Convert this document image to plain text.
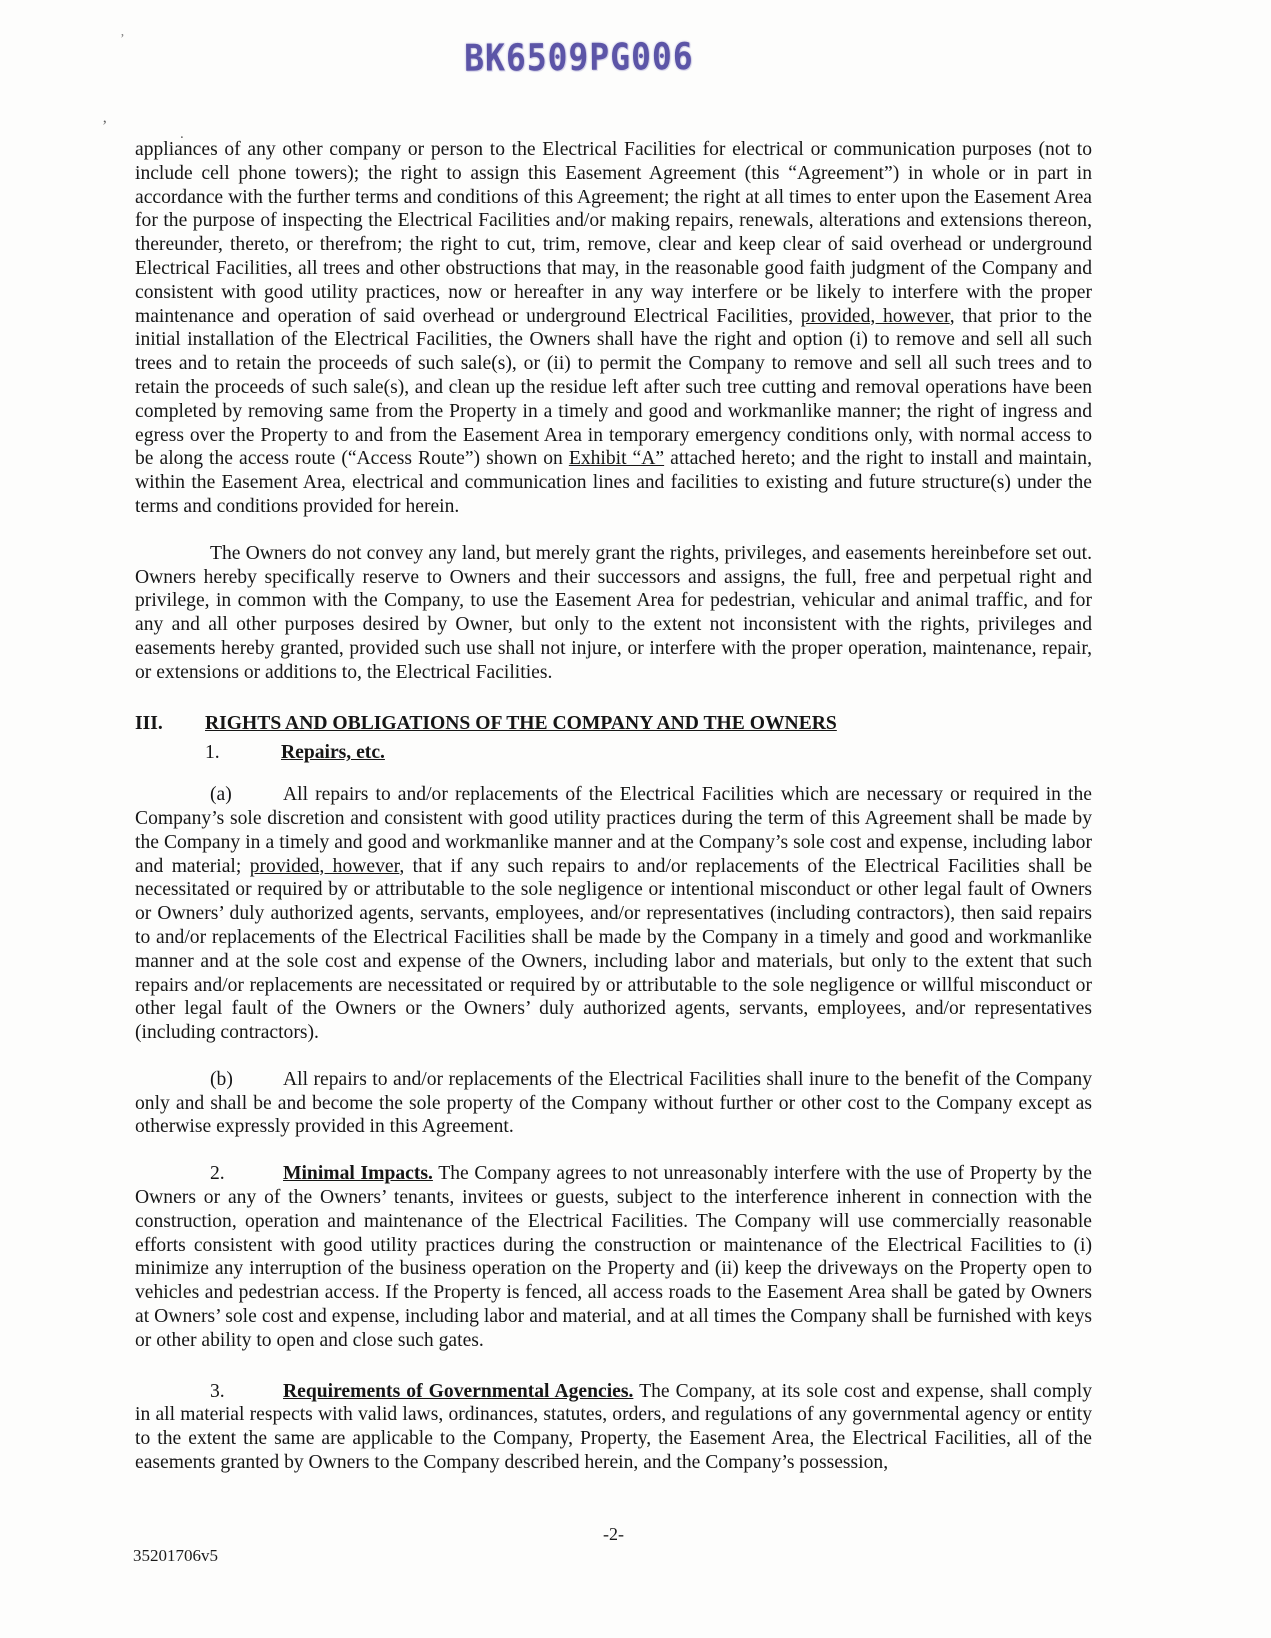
BK6509PG006
’
’	.

appliances of any other company or person to the Electrical Facilities for electrical or communication purposes (not to include cell phone towers); the right to assign this Easement Agreement (this “Agreement”) in whole or in part in accordance with the further terms and conditions of this Agreement; the right at all times to enter upon the Easement Area for the purpose of inspecting the Electrical Facilities and/or making repairs, renewals, alterations and extensions thereon, thereunder, thereto, or therefrom; the right to cut, trim, remove, clear and keep clear of said overhead or underground Electrical Facilities, all trees and other obstructions that may, in the reasonable good faith judgment of the Company and consistent with good utility practices, now or hereafter in any way interfere or be likely to interfere with the proper maintenance and operation of said overhead or underground Electrical Facilities, provided, however, that prior to the initial installation of the Electrical Facilities, the Owners shall have the right and option (i) to remove and sell all such trees and to retain the proceeds of such sale(s), or (ii) to permit the Company to remove and sell all such trees and to retain the proceeds of such sale(s), and clean up the residue left after such tree cutting and removal operations have been completed by removing same from the Property in a timely and good and workmanlike manner; the right of ingress and egress over the Property to and from the Easement Area in temporary emergency conditions only, with normal access to be along the access route (“Access Route”) shown on Exhibit “A” attached hereto; and the right to install and maintain, within the Easement Area, electrical and communication lines and facilities to existing and future structure(s) under the terms and conditions provided for herein.

The Owners do not convey any land, but merely grant the rights, privileges, and easements hereinbefore set out. Owners hereby specifically reserve to Owners and their successors and assigns, the full, free and perpetual right and privilege, in common with the Company, to use the Easement Area for pedestrian, vehicular and animal traffic, and for any and all other purposes desired by Owner, but only to the extent not inconsistent with the rights, privileges and easements hereby granted, provided such use shall not injure, or interfere with the proper operation, maintenance, repair, or extensions or additions to, the Electrical Facilities.

III. RIGHTS AND OBLIGATIONS OF THE COMPANY AND THE OWNERS

1.	Repairs, etc.

(a)	All repairs to and/or replacements of the Electrical Facilities which are necessary or required in the Company’s sole discretion and consistent with good utility practices during the term of this Agreement shall be made by the Company in a timely and good and workmanlike manner and at the Company’s sole cost and expense, including labor and material; provided, however, that if any such repairs to and/or replacements of the Electrical Facilities shall be necessitated or required by or attributable to the sole negligence or intentional misconduct or other legal fault of Owners or Owners’ duly authorized agents, servants, employees, and/or representatives (including contractors), then said repairs to and/or replacements of the Electrical Facilities shall be made by the Company in a timely and good and workmanlike manner and at the sole cost and expense of the Owners, including labor and materials, but only to the extent that such repairs and/or replacements are necessitated or required by or attributable to the sole negligence or willful misconduct or other legal fault of the Owners or the Owners’ duly authorized agents, servants, employees, and/or representatives (including contractors).

(b)	All repairs to and/or replacements of the Electrical Facilities shall inure to the benefit of the Company only and shall be and become the sole property of the Company without further or other cost to the Company except as otherwise expressly provided in this Agreement.

2.	Minimal Impacts. The Company agrees to not unreasonably interfere with the use of Property by the Owners or any of the Owners’ tenants, invitees or guests, subject to the interference inherent in connection with the construction, operation and maintenance of the Electrical Facilities. The Company will use commercially reasonable efforts consistent with good utility practices during the construction or maintenance of the Electrical Facilities to (i) minimize any interruption of the business operation on the Property and (ii) keep the driveways on the Property open to vehicles and pedestrian access. If the Property is fenced, all access roads to the Easement Area shall be gated by Owners at Owners’ sole cost and expense, including labor and material, and at all times the Company shall be furnished with keys or other ability to open and close such gates.

3.	Requirements of Governmental Agencies. The Company, at its sole cost and expense, shall comply in all material respects with valid laws, ordinances, statutes, orders, and regulations of any governmental agency or entity to the extent the same are applicable to the Company, Property, the Easement Area, the Electrical Facilities, all of the easements granted by Owners to the Company described herein, and the Company’s possession,

-2-
35201706v5
